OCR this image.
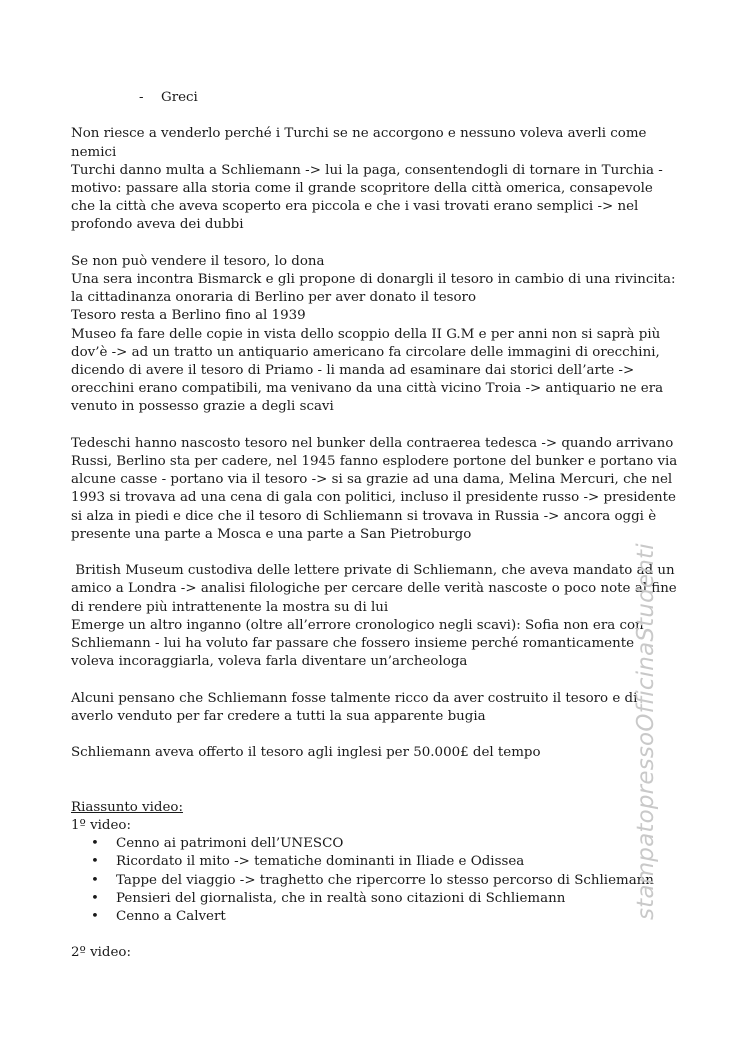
- Greci
Non riesce a venderlo perché i Turchi se ne accorgono e nessuno voleva averli come
nemici
Turchi danno multa a Schliemann -> lui la paga, consentendogli di tornare in Turchia -
motivo: passare alla storia come il grande scopritore della città omerica, consapevole
che la città che aveva scoperto era piccola e che i vasi trovati erano semplici -> nel
profondo aveva dei dubbi
Se non può vendere il tesoro, lo dona
Una sera incontra Bismarck e gli propone di donargli il tesoro in cambio di una rivincita:
la cittadinanza onoraria di Berlino per aver donato il tesoro
Tesoro resta a Berlino fino al 1939
Museo fa fare delle copie in vista dello scoppio della II G.M e per anni non si saprà più
dov’è -> ad un tratto un antiquario americano fa circolare delle immagini di orecchini,
dicendo di avere il tesoro di Priamo - li manda ad esaminare dai storici dell’arte ->
orecchini erano compatibili, ma venivano da una città vicino Troia -> antiquario ne era
venuto in possesso grazie a degli scavi
Tedeschi hanno nascosto tesoro nel bunker della contraerea tedesca -> quando arrivano
Russi, Berlino sta per cadere, nel 1945 fanno esplodere portone del bunker e portano via
alcune casse - portano via il tesoro -> si sa grazie ad una dama, Melina Mercuri, che nel
1993 si trovava ad una cena di gala con politici, incluso il presidente russo -> presidente
si alza in piedi e dice che il tesoro di Schliemann si trovava in Russia -> ancora oggi è
presente una parte a Mosca e una parte a San Pietroburgo
British Museum custodiva delle lettere private di Schliemann, che aveva mandato ad un
amico a Londra -> analisi filologiche per cercare delle verità nascoste o poco note al fine
di rendere più intrattenente la mostra su di lui
Emerge un altro inganno (oltre all’errore cronologico negli scavi): Sofia non era con
Schliemann - lui ha voluto far passare che fossero insieme perché romanticamente
voleva incoraggiarla, voleva farla diventare un’archeologa
Alcuni pensano che Schliemann fosse talmente ricco da aver costruito il tesoro e di
averlo venduto per far credere a tutti la sua apparente bugia
Schliemann aveva offerto il tesoro agli inglesi per 50.000£ del tempo
Riassunto video:
1º video:
• Cenno ai patrimoni dell’UNESCO
• Ricordato il mito -> tematiche dominanti in Iliade e Odissea
• Tappe del viaggio -> traghetto che ripercorre lo stesso percorso di Schliemann
• Pensieri del giornalista, che in realtà sono citazioni di Schliemann
• Cenno a Calvert
2º video:
stampatopressoOfficinaStudenti
